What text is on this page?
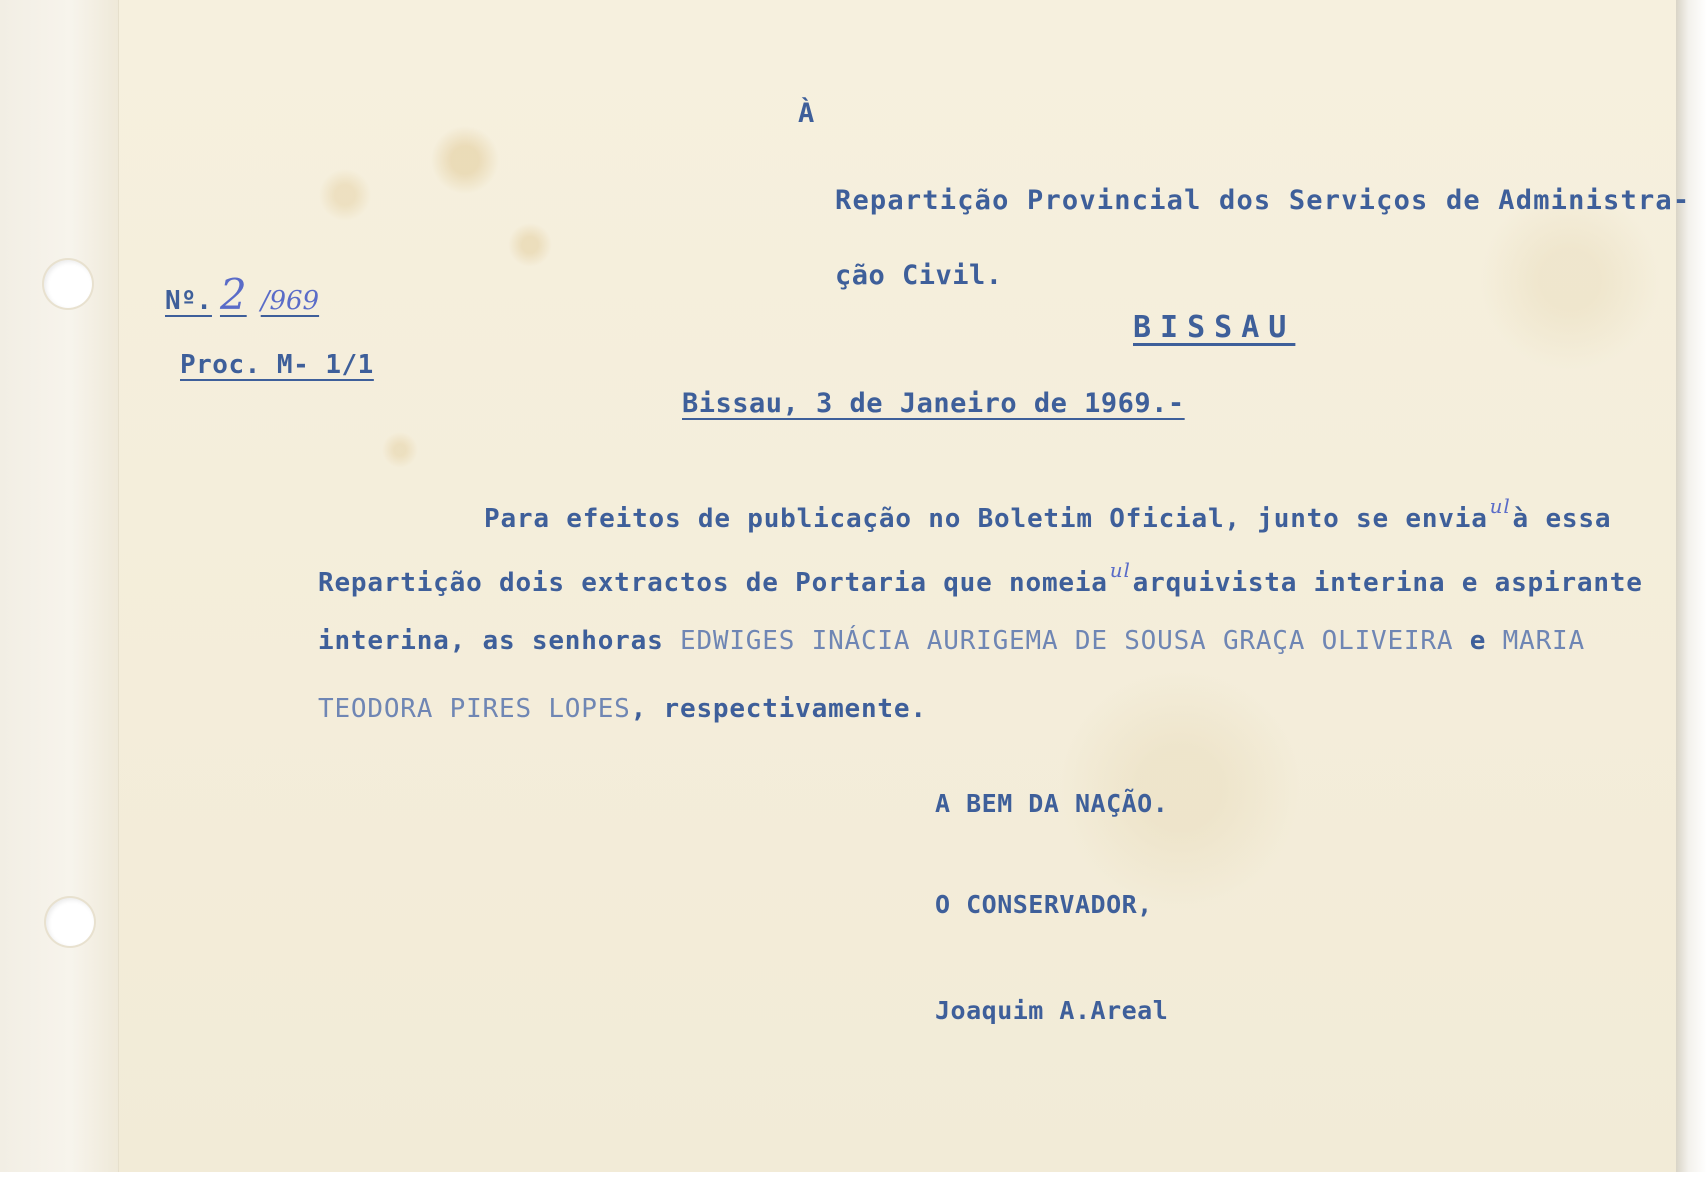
À
Repartição Provincial dos Serviços de Administra-
ção Civil.
BISSAU
Nº. 2 /969
Proc. M- 1/1
Bissau, 3 de Janeiro de 1969.-
Para efeitos de publicação no Boletim Oficial, junto se envia $^{ul}$à essa
Repartição dois extractos de Portaria que nomeia $^{ul}$arquivista interina e aspirante
interina, as senhoras EDWIGES INÁCIA AURIGEMA DE SOUSA GRAÇA OLIVEIRA e MARIA
TEODORA PIRES LOPES, respectivamente.
A BEM DA NAÇÃO.
O CONSERVADOR,
Joaquim A.Areal
